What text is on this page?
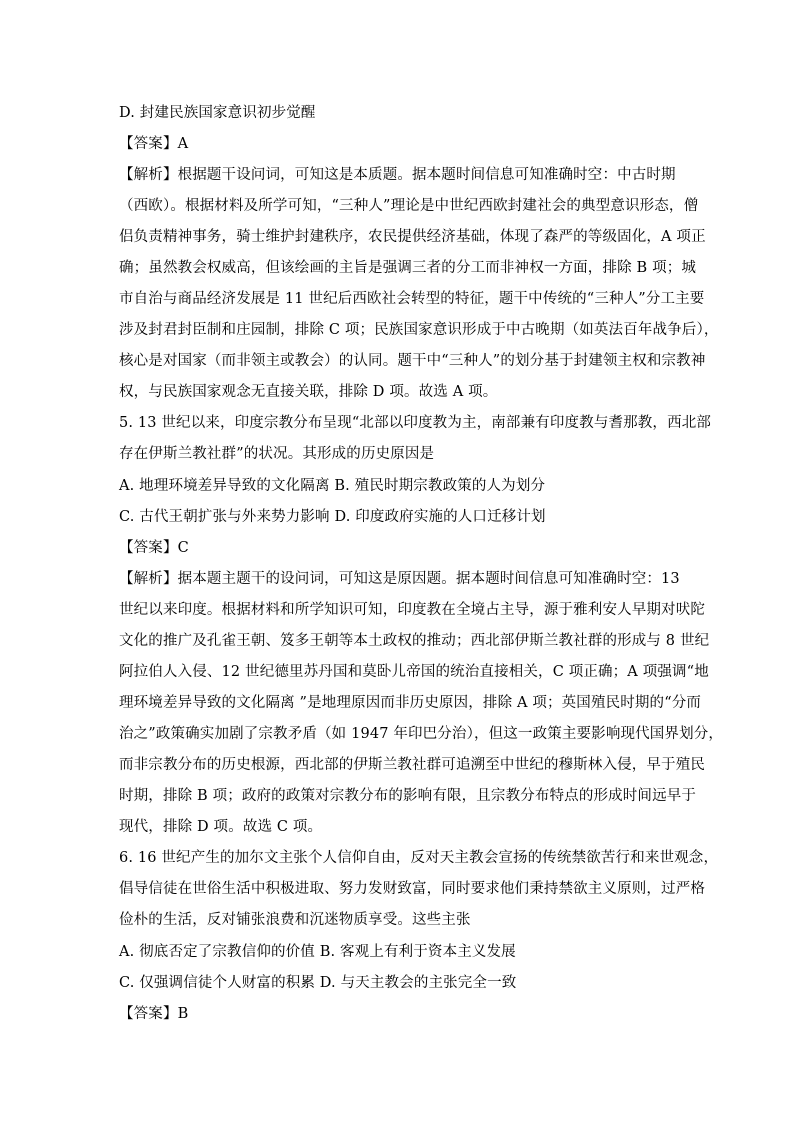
D. 封建民族国家意识初步觉醒
【答案】A
【解析】根据题干设问词，可知这是本质题。据本题时间信息可知准确时空：中古时期
（西欧）。根据材料及所学可知，“三种人”理论是中世纪西欧封建社会的典型意识形态，僧
侣负责精神事务，骑士维护封建秩序，农民提供经济基础，体现了森严的等级固化，A 项正
确；虽然教会权威高，但该绘画的主旨是强调三者的分工而非神权一方面，排除 B 项；城
市自治与商品经济发展是 11 世纪后西欧社会转型的特征，题干中传统的“三种人”分工主要
涉及封君封臣制和庄园制，排除 C 项；民族国家意识形成于中古晚期（如英法百年战争后），
核心是对国家（而非领主或教会）的认同。题干中“三种人”的划分基于封建领主权和宗教神
权，与民族国家观念无直接关联，排除 D 项。故选 A 项。
5. 13 世纪以来，印度宗教分布呈现“北部以印度教为主，南部兼有印度教与耆那教，西北部
存在伊斯兰教社群”的状况。其形成的历史原因是
A. 地理环境差异导致的文化隔离 B. 殖民时期宗教政策的人为划分
C. 古代王朝扩张与外来势力影响 D. 印度政府实施的人口迁移计划
【答案】C
【解析】据本题主题干的设问词，可知这是原因题。据本题时间信息可知准确时空：13
世纪以来印度。根据材料和所学知识可知，印度教在全境占主导，源于雅利安人早期对吠陀
文化的推广及孔雀王朝、笈多王朝等本土政权的推动；西北部伊斯兰教社群的形成与 8 世纪
阿拉伯人入侵、12 世纪德里苏丹国和莫卧儿帝国的统治直接相关，C 项正确；A 项强调“地
理环境差异导致的文化隔离 ”是地理原因而非历史原因，排除 A 项；英国殖民时期的“分而
治之”政策确实加剧了宗教矛盾（如 1947 年印巴分治），但这一政策主要影响现代国界划分，
而非宗教分布的历史根源，西北部的伊斯兰教社群可追溯至中世纪的穆斯林入侵，早于殖民
时期，排除 B 项；政府的政策对宗教分布的影响有限，且宗教分布特点的形成时间远早于
现代，排除 D 项。故选 C 项。
6. 16 世纪产生的加尔文主张个人信仰自由，反对天主教会宣扬的传统禁欲苦行和来世观念，
倡导信徒在世俗生活中积极进取、努力发财致富，同时要求他们秉持禁欲主义原则，过严格
俭朴的生活，反对铺张浪费和沉迷物质享受。这些主张
A. 彻底否定了宗教信仰的价值 B. 客观上有利于资本主义发展
C. 仅强调信徒个人财富的积累 D. 与天主教会的主张完全一致
【答案】B
